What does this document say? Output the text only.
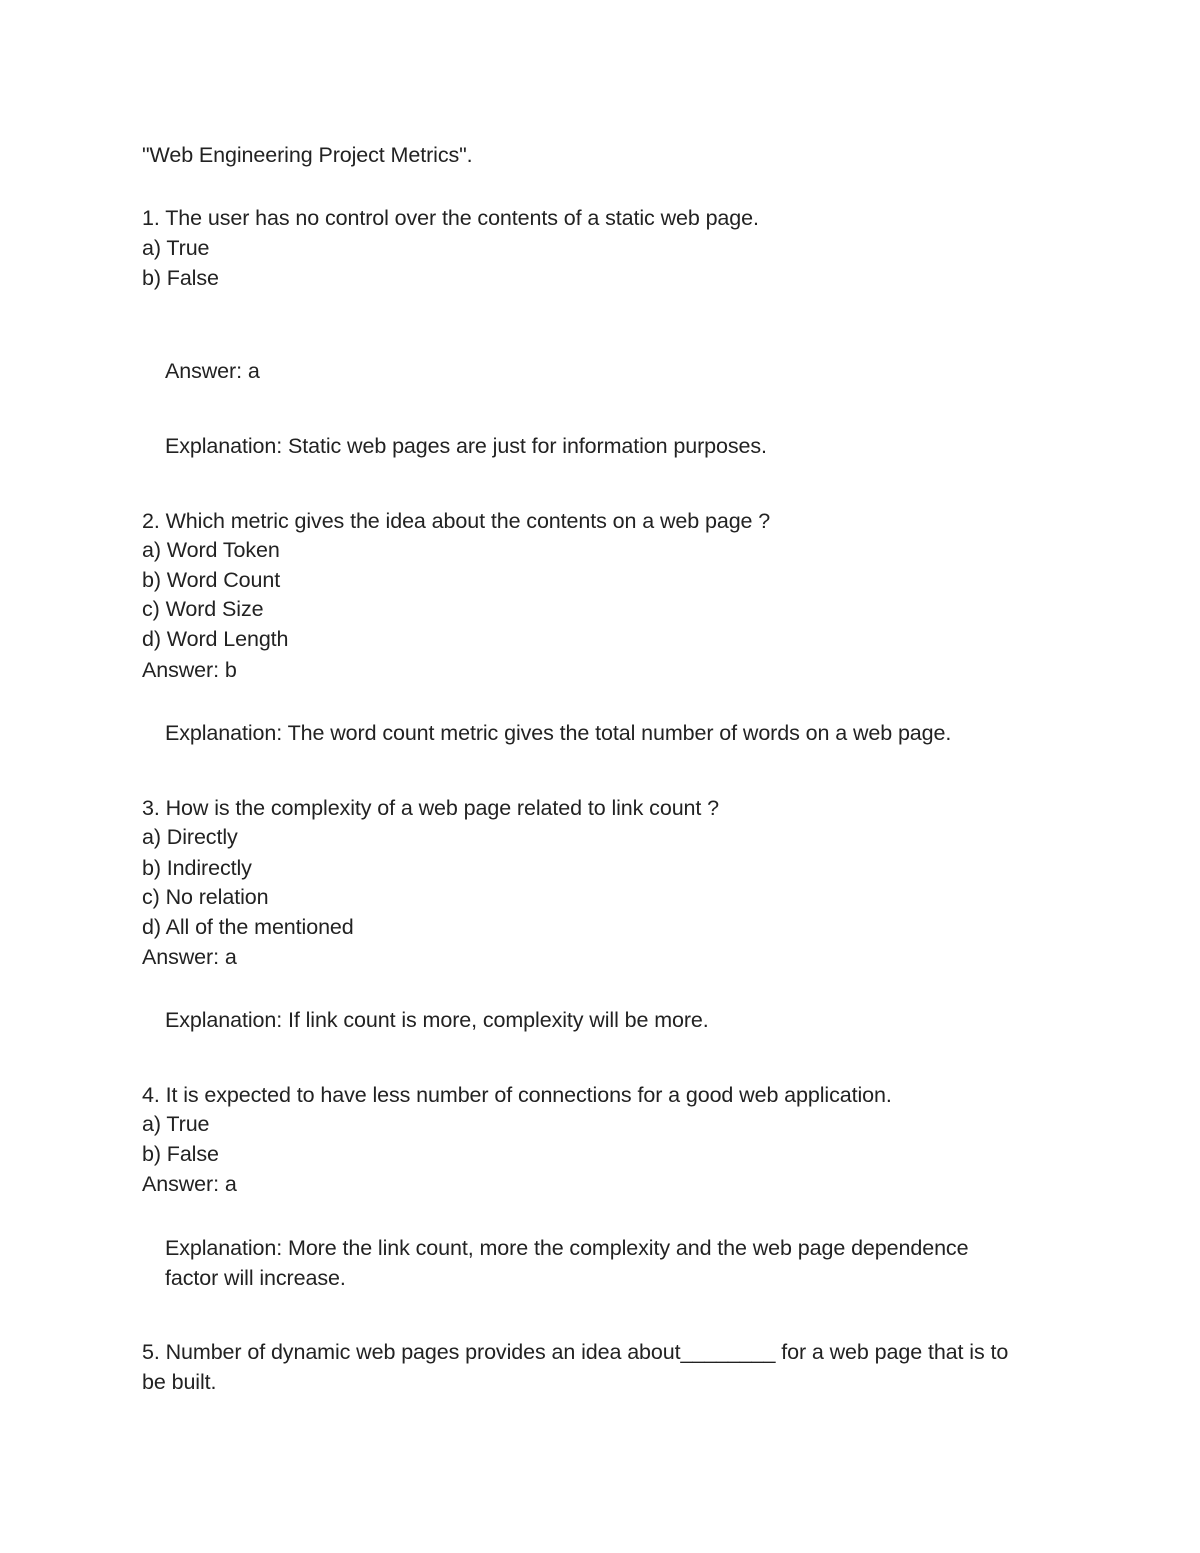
"Web Engineering Project Metrics".
1. The user has no control over the contents of a static web page.
a) True
b) False
Answer: a
Explanation: Static web pages are just for information purposes.
2. Which metric gives the idea about the contents on a web page ?
a) Word Token
b) Word Count
c) Word Size
d) Word Length
Answer: b
Explanation: The word count metric gives the total number of words on a web page.
3. How is the complexity of a web page related to link count ?
a) Directly
b) Indirectly
c) No relation
d) All of the mentioned
Answer: a
Explanation: If link count is more, complexity will be more.
4. It is expected to have less number of connections for a good web application.
a) True
b) False
Answer: a
Explanation: More the link count, more the complexity and the web page dependence
factor will increase.
5. Number of dynamic web pages provides an idea about________ for a web page that is to
be built.
